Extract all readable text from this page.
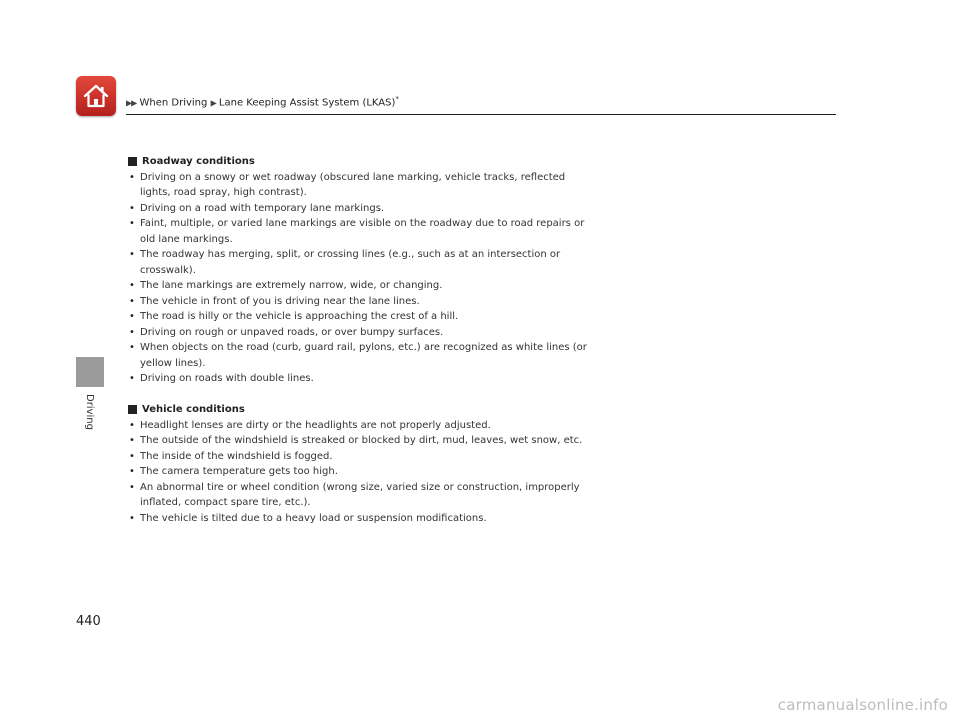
▶▶ When Driving ▶ Lane Keeping Assist System (LKAS)*
Driving
440
Roadway conditions
• Driving on a snowy or wet roadway (obscured lane marking, vehicle tracks, reflected lights, road spray, high contrast).
• Driving on a road with temporary lane markings.
• Faint, multiple, or varied lane markings are visible on the roadway due to road repairs or old lane markings.
• The roadway has merging, split, or crossing lines (e.g., such as at an intersection or crosswalk).
• The lane markings are extremely narrow, wide, or changing.
• The vehicle in front of you is driving near the lane lines.
• The road is hilly or the vehicle is approaching the crest of a hill.
• Driving on rough or unpaved roads, or over bumpy surfaces.
• When objects on the road (curb, guard rail, pylons, etc.) are recognized as white lines (or yellow lines).
• Driving on roads with double lines.
Vehicle conditions
• Headlight lenses are dirty or the headlights are not properly adjusted.
• The outside of the windshield is streaked or blocked by dirt, mud, leaves, wet snow, etc.
• The inside of the windshield is fogged.
• The camera temperature gets too high.
• An abnormal tire or wheel condition (wrong size, varied size or construction, improperly inflated, compact spare tire, etc.).
• The vehicle is tilted due to a heavy load or suspension modifications.
carmanualsonline.info
